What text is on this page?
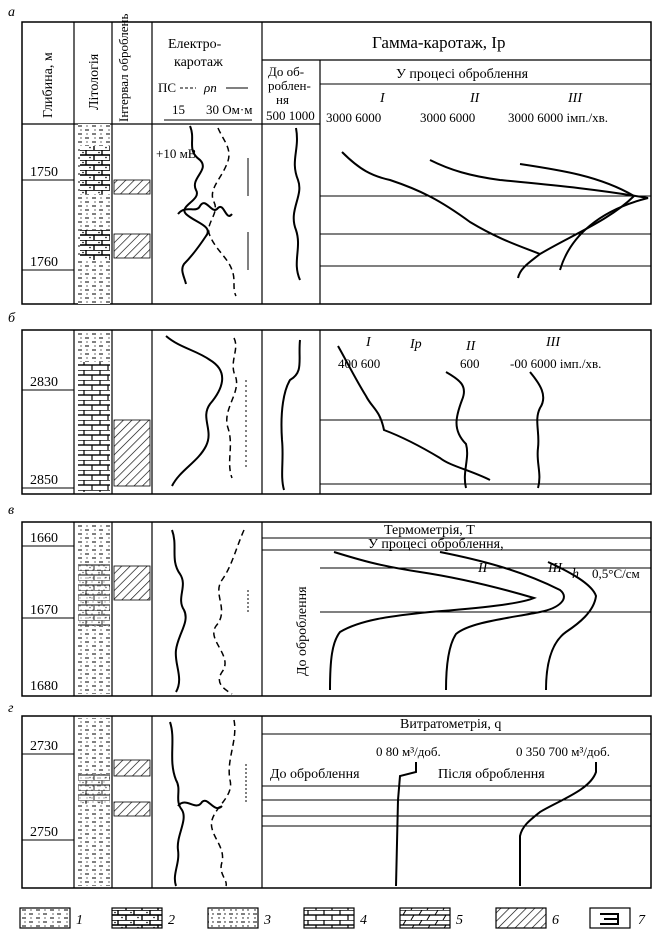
а
Глибина, м Літологія Інтервал оброблень	Електро-
каротаж
ПС ρп
15 30 Ом·м
+10 мВ
До об-
роблен-
ня
500 1000
Гамма-каротаж, Iр
У процесі оброблення
I	II	III
3000 6000	3000 6000	3000 6000 імп./хв.
1750
1760
б
2830
2850
I	Iр	II	III
400 600	600 -00 6000 імп./хв.
в
1660
1670
1680
Термометрія, T
У процесі оброблення,
II	III h 0,5°C/см
До оброблення
г
2730
2750
Витратометрія, q
0 80 м³/доб.	0 350 700 м³/доб.
До оброблення	Після оброблення
1	2	3	4	5	6	7
